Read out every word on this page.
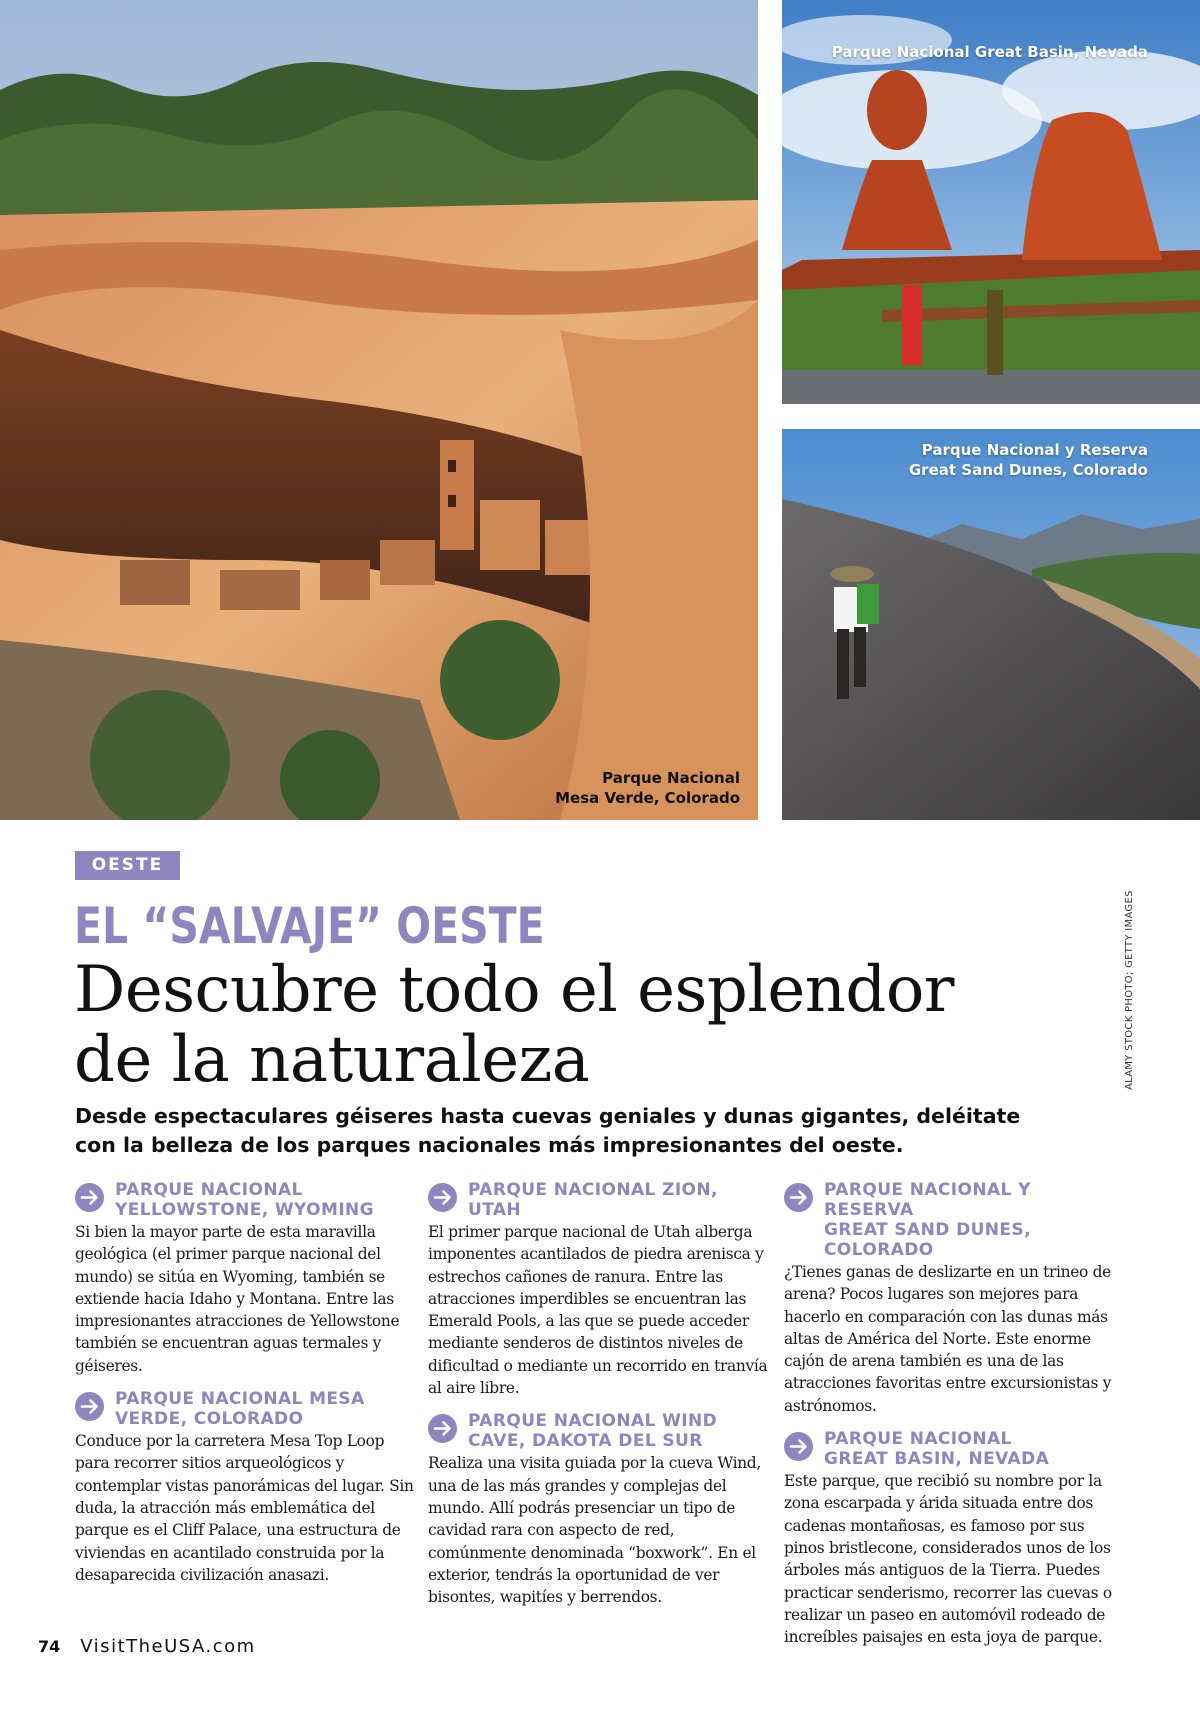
Parque Nacional
Mesa Verde, Colorado
Parque Nacional Great Basin, Nevada
Parque Nacional y Reserva
Great Sand Dunes, Colorado
ALAMY STOCK PHOTO; GETTY IMAGES
OESTE
EL “SALVAJE” OESTE
Descubre todo el esplendor
de la naturaleza
Desde espectaculares géiseres hasta cuevas geniales y dunas gigantes, deléitate
con la belleza de los parques nacionales más impresionantes del oeste.
PARQUE NACIONAL
YELLOWSTONE, WYOMING
Si bien la mayor parte de esta maravilla geológica (el primer parque nacional del mundo) se sitúa en Wyoming, también se extiende hacia Idaho y Montana. Entre las impresionantes atracciones de Yellowstone también se encuentran aguas termales y géiseres.
PARQUE NACIONAL MESA
VERDE, COLORADO
Conduce por la carretera Mesa Top Loop para recorrer sitios arqueológicos y contemplar vistas panorámicas del lugar. Sin duda, la atracción más emblemática del parque es el Cliff Palace, una estructura de viviendas en acantilado construida por la desaparecida civilización anasazi.
PARQUE NACIONAL ZION,
UTAH
El primer parque nacional de Utah alberga imponentes acantilados de piedra arenisca y estrechos cañones de ranura. Entre las atracciones imperdibles se encuentran las Emerald Pools, a las que se puede acceder mediante senderos de distintos niveles de dificultad o mediante un recorrido en tranvía al aire libre.
PARQUE NACIONAL WIND
CAVE, DAKOTA DEL SUR
Realiza una visita guiada por la cueva Wind, una de las más grandes y complejas del mundo. Allí podrás presenciar un tipo de cavidad rara con aspecto de red, comúnmente denominada “boxwork”. En el exterior, tendrás la oportunidad de ver bisontes, wapitíes y berrendos.
PARQUE NACIONAL Y RESERVA
GREAT SAND DUNES, COLORADO
¿Tienes ganas de deslizarte en un trineo de arena? Pocos lugares son mejores para hacerlo en comparación con las dunas más altas de América del Norte. Este enorme cajón de arena también es una de las atracciones favoritas entre excursionistas y astrónomos.
PARQUE NACIONAL
GREAT BASIN, NEVADA
Este parque, que recibió su nombre por la zona escarpada y árida situada entre dos cadenas montañosas, es famoso por sus pinos bristlecone, considerados unos de los árboles más antiguos de la Tierra. Puedes practicar senderismo, recorrer las cuevas o realizar un paseo en automóvil rodeado de increíbles paisajes en esta joya de parque.
74 VisitTheUSA.com
